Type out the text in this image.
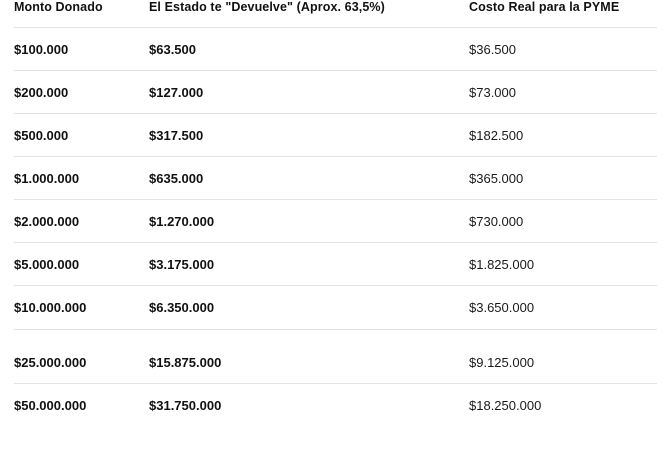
Monto Donado	El Estado te "Devuelve" (Aprox. 63,5%)	Costo Real para la PYME
$100.000	$63.500	$36.500
$200.000	$127.000	$73.000
$500.000	$317.500	$182.500
$1.000.000	$635.000	$365.000
$2.000.000	$1.270.000	$730.000
$5.000.000	$3.175.000	$1.825.000
$10.000.000	$6.350.000	$3.650.000
$25.000.000	$15.875.000	$9.125.000
$50.000.000	$31.750.000	$18.250.000
